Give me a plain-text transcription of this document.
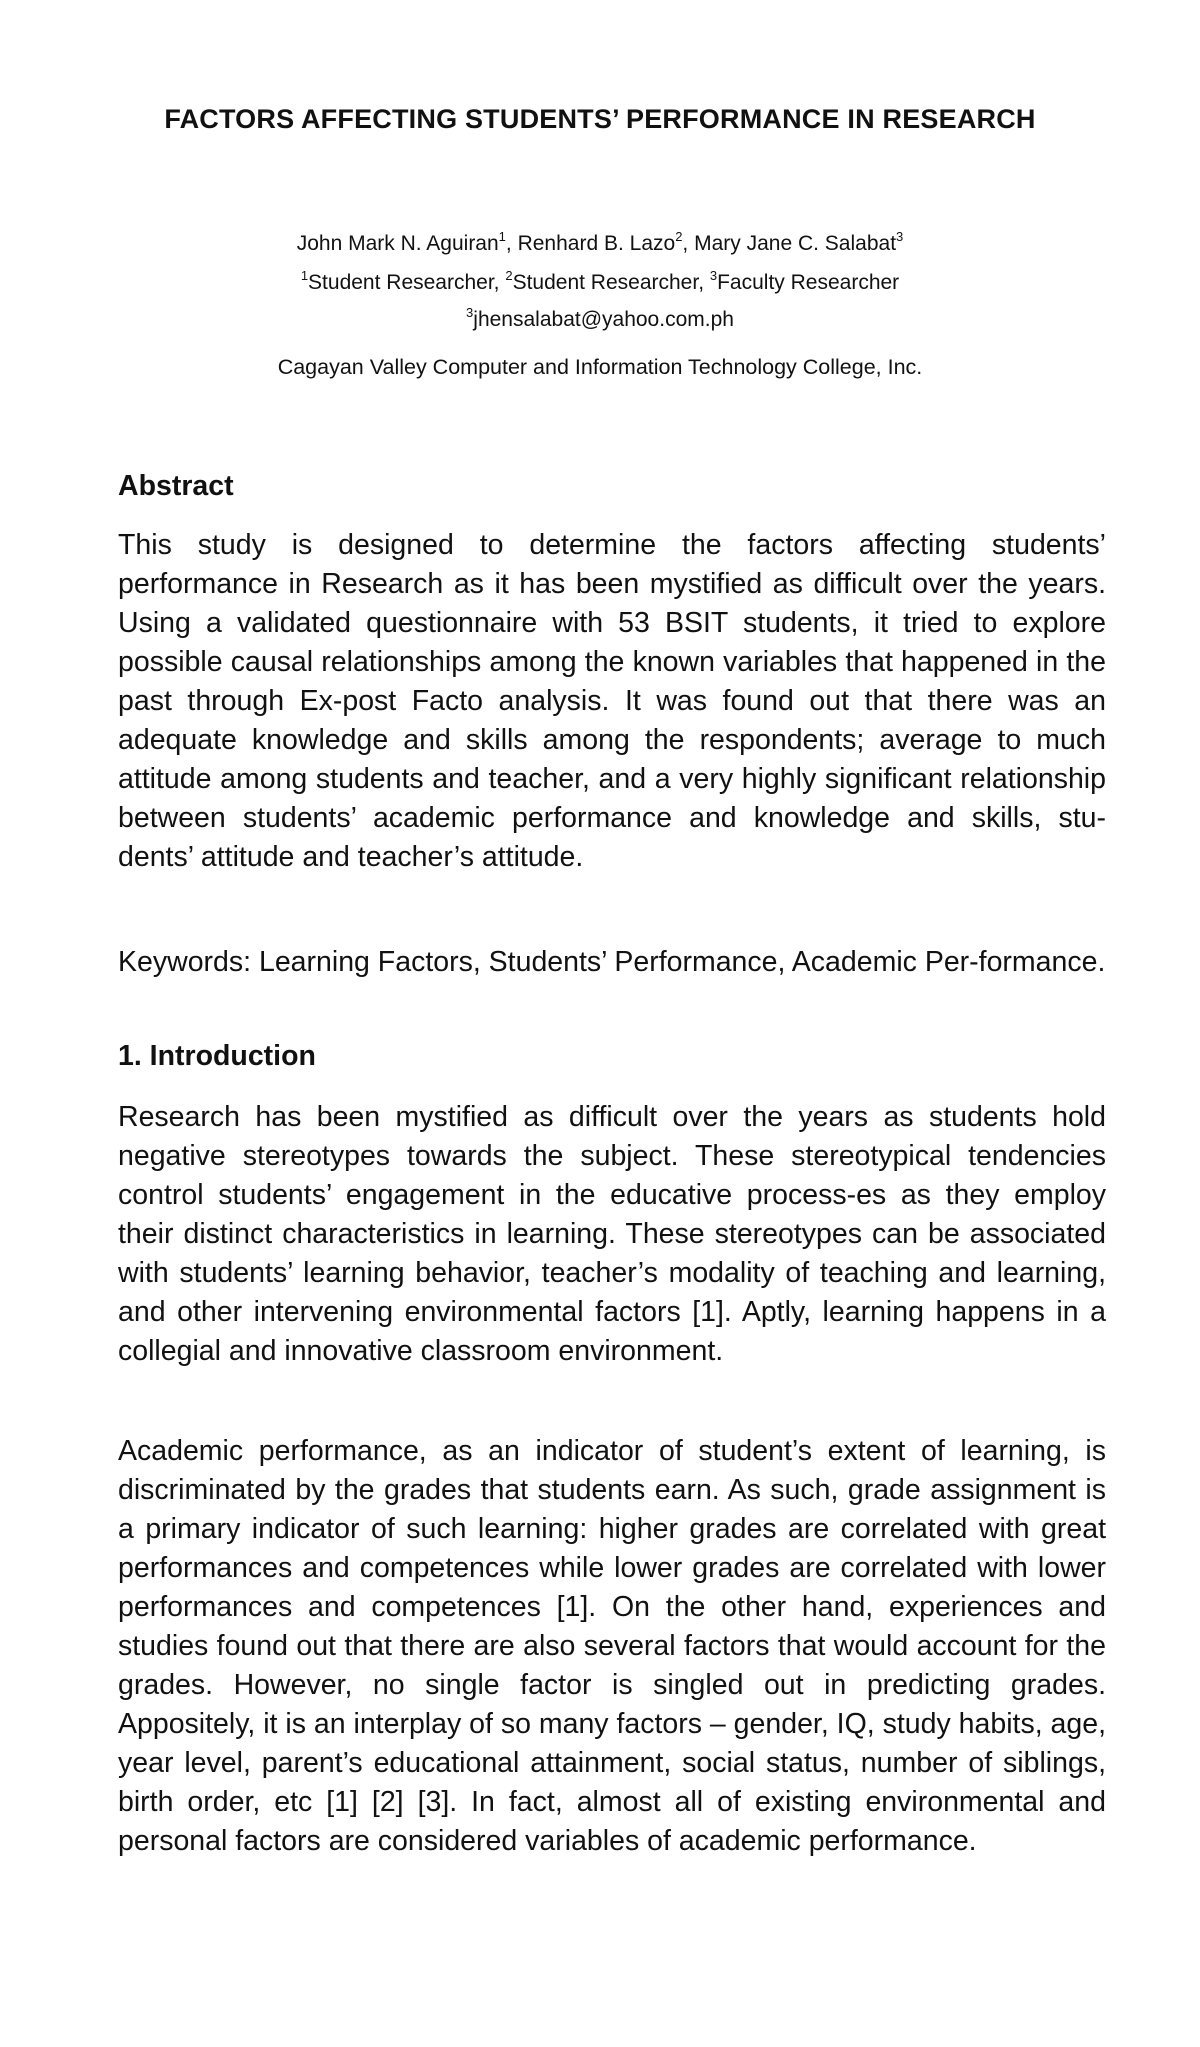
FACTORS AFFECTING STUDENTS’ PERFORMANCE IN RESEARCH
John Mark N. Aguiran$^1$, Renhard B. Lazo$^2$, Mary Jane C. Salabat$^3$
$^1$Student Researcher, $^2$Student Researcher, $^3$Faculty Researcher
$^3$jhensalabat@yahoo.com.ph
Cagayan Valley Computer and Information Technology College, Inc.
Abstract

This study is designed to determine the factors affecting students’ performance in Research as it has been mystified as difficult over the years. Using a validated questionnaire with 53 BSIT students, it tried to explore possible causal relationships among the known variables that happened in the past through Ex-post Facto analysis. It was found out that there was an adequate knowledge and skills among the respondents; average to much attitude among students and teacher, and a very highly significant relationship between students’ academic performance and knowledge and skills, stu-dents’ attitude and teacher’s attitude.

Keywords: Learning Factors, Students’ Performance, Academic Per-formance.

1. Introduction

Research has been mystified as difficult over the years as students hold negative stereotypes towards the subject. These stereotypical tendencies control students’ engagement in the educative process-es as they employ their distinct characteristics in learning. These stereotypes can be associated with students’ learning behavior, teacher’s modality of teaching and learning, and other intervening environmental factors [1]. Aptly, learning happens in a collegial and innovative classroom environment.

Academic performance, as an indicator of student’s extent of learning, is discriminated by the grades that students earn. As such, grade assignment is a primary indicator of such learning: higher grades are correlated with great performances and competences while lower grades are correlated with lower performances and competences [1]. On the other hand, experiences and studies found out that there are also several factors that would account for the grades. However, no single factor is singled out in predicting grades. Appositely, it is an interplay of so many factors – gender, IQ, study habits, age, year level, parent’s educational attainment, social status, number of siblings, birth order, etc [1] [2] [3]. In fact, almost all of existing environmental and personal factors are considered variables of academic performance.
